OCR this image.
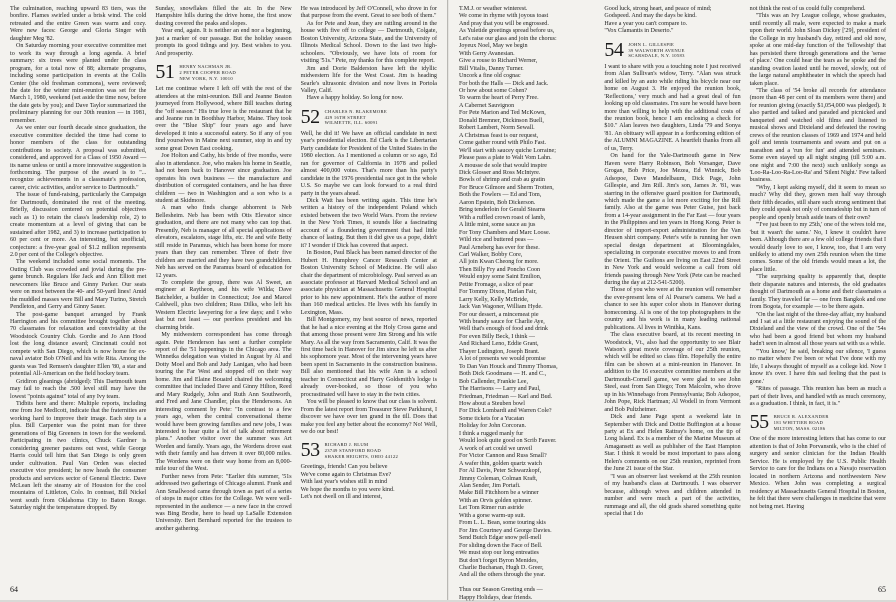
The culmination, reaching upward 83 tiers, was the bonfire. Flames swirled under a brisk wind. The cold retreated and the entire Green was warm and cozy. Were new faces: George and Gloria Singer with daughter Meg '82.

On Saturday morning your executive committee met to work its way through a long agenda. A brief summary: six trees were planted under the class program, for a total now of 88; alternate programs, including some participation in events at the Collis Center (the old freshman commons), were reviewed; the date for the winter mini-reunion was set for the March 1, 1980, weekend (set aside the time now, before the date gets by you); and Dave Taylor summarized the preliminary planning for our 30th reunion — in 1981, remember.

As we enter our fourth decade since graduation, the executive committee decided the time had come to honor members of the class for outstanding contributions to society. A proposal was submitted, considered, and approved for a Class of 1950 Award — its name unless or until a more innovative suggestion is forthcoming. The purpose of the award is to "... recognize achievements in a classmate's profession, career, civic activities, and/or service to Dartmouth."

The issue of fund-raising, particularly the Campaign for Dartmouth, dominated the rest of the meeting. Briefly, discussion centered on potential objectives such as 1) to retain the class's leadership role, 2) to create momentum at a level of giving that can be sustained after 1982, and 3) to increase participation to 60 per cent or more. An interesting, but unofficial, conjecture: a five-year goal of $1.2 million represents 2.0 per cent of the College's objective.

The weekend included some social moments. The Outing Club was crowded and jovial during the pre-game brunch. Regulars like Jack and Ann Elliott met newcomers like Bruce and Ginny Parker. Our seats were on most between the 40- and 50-yard lines! Amid the muddled masses were Bill and Mary Turino, Stretch Pendleton, and Gerry and Ginny Sauer.

The post-game banquet arranged by Frank Harrington and his committee brought together about 70 classmates for relaxation and conviviality at the Woodstock Country Club. Gordie and Jo Ann Hood lost the long distance award; Cincinnati could not compete with San Diego, which is now home for ex-naval aviator Bob O'Neil and his wife Rita. Among the guests was Ted Remsen's daughter Ellen '80, a star and potential All-American on the field hockey team.

Gridiron gleanings (abridged): This Dartmouth team may fail to reach the .500 level still may have the lowest "points against" total of any Ivy team.

Tidbits here and there: Multiple reports, including one from Joe MedIcott, indicate that the fraternities are working hard to improve their image. Each step is a plus. Bill Carpenter was the point man for three generations of Big Greeners in town for the weekend. Participating in two clinics, Chuck Gardner is considering greener pastures out west, while George Harris could tell him that San Diego is only green under cultivation. Paul Van Orden was elected executive vice president; he now heads the consumer products and services sector of General Electric. Dave McLean left the steamy air of Houston for the cool mountains of Littleton, Colo. In contrast, Bill Nickel went south from Oklahoma City to Baton Rouge. Saturday night the temperature dropped. By

Sunday, snowflakes filled the air. In the New Hampshire hills during the drive home, the first snow dusting covered the peaks and slopes.

Year end, again. It is neither an end nor a beginning, just a marker of our passage. But the holiday season prompts its good tidings and joy. Best wishes to you. And prosperity.

51 HENRY NACHMAN JR.
2 PETER COOPER ROAD
NEW YORK, N.Y. 10010

Let me continue where I left off with the rest of the attendees at the mini-reunion. Bill and Jeanne Beaton journeyed from Hollywood, where Bill teaches during the "off season." His true love is the restaurant that he and Jeanne run in Boothbay Harbor, Maine. They took over the "Blue Ship" four years ago and have developed it into a successful eatery. So if any of you find yourselves in Maine next summer, stop in and try some great Down East cooking.

Joe Holton and Cathy, his bride of five months, were also in attendance. Joe, who makes his home in Seattle, had not been back to Hanover since graduation. Joe operates his own business — the manufacture and distribution of corrugated containers, and he has three children — two in Washington and a son who is a student at Skidmore.

A man who finds change abhorrent is Neb Bellesheim. Neb has been with Otis Elevator since graduation, and there are not many who can top that. Presently, Neb is manager of all special applications of elevators, escalators, stage lifts, etc. He and wife Betty still reside in Paramus, which has been home for more years than they can remember. Three of their five children are married and they have two grandchildren. Neb has served on the Paramus board of education for 12 years.

To complete the group, there was Al Sweet, an engineer at Raytheon, and his wife Wilda; Dave Batchelder, a builder in Connecticut; Joe and Marcel Caldwell, plus two children; Russ Dilks, who left his Western Electric lawyering for a few days; and I who last but not least — our peerless president and his charming bride.

My midwestern correspondent has come through again. Pete Henderson has sent a further complete report of the '51 happenings in the Chicago area. The Winnetka delegation was visited in August by Al and Dotty Moel and Bob and Judy Lanigan, who had been touring the Far West and stopped off on their way home. Jim and Elaine Bouaird chaired the welcoming committee that included Dave and Ginny Hilton, Reed and Mary Rudgely, John and Ruth Ann Southworth, and Fred and Jane Chandler, plus the Hendersons. An interesting comment by Pete: "In contrast to a few years ago, when the central conversational theme would have been growing families and new jobs, I was interested to hear quite a lot of talk about retirement plans." Another visitor over the summer was Art Worden and family. Years ago, the Wordens drove east with their family and has driven it over 80,000 miles. The Wordens were on their way home from an 8,000-mile tour of the West.

Further news from Pete: "Earlier this summer, '51s addressed two gatherings of Chicago alumni. Frank and Ann Smallwood came through town as part of a series of stops in major cities for the College. We were well-represented in the audience — a new face in the crowd was Bing Brodie, here to head up LaSalle Extension University. Bert Bernhard reported for the trustees to another gathering.

He was introduced by Jeff O'Connell, who drove in for that purpose from the event. Great to see both of them."

As for Pete and Jean, they are rattling around in the house with five off to college — Dartmouth, Colgate, Boston University, Arizona State, and the University of Illinois Medical School. Down to the last two high-schoolers. "Obviously, we have lots of room for visiting '51s." Pete, my thanks for this complete report.

Jim and Dorie Balderston have left the idyllic midwestern life for the West Coast. Jim is heading Searle's ultrasonic division and now lives in Portola Valley, Calif.

Have a happy holiday. So long for now.

52 CHARLES N. BLAKEMORE
429 16TH STREET
WILMETTE, ILL. 60091

Well, he did it! We have an official candidate in next year's presidential election. Ed Clark is the Libertarian Party candidate for President of the United States in the 1980 election. As I mentioned a column or so ago, Ed ran for governor of California in 1978 and polled almost 400,000 votes. That's more than his party's candidate in the 1976 presidential race got in the whole U.S. So maybe we can look forward to a real third party in the years ahead.

Dick Watt has been writing again. This time he's written a history of the independent Poland which existed between the two World Wars. From the review in the New York Times, it sounds like a fascinating account of a floundering government that had little chance of lasting. But then it did give us a pope, didn't it? I wonder if Dick has covered that aspect.

In Boston, Paul Black has been named director of the Hubert H. Humphrey Cancer Research Center at Boston University School of Medicine. He will also chair the department of microbiology. Paul served as an associate professor at Harvard Medical School and an associate physician at Massachusetts General Hospital prior to his new appointment. He's the author of more than 160 medical articles. He lives with his family in Lexington, Mass.

Bill Montgomery, my best source of news, reported that he had a nice evening at the Holy Cross game and that among those present were Jim Strong and his wife Mary. As all the way from Sacramento, Calif. It was the first time back in Hanover for Jim since he left us after his sophomore year. Most of the intervening years have been spent in Sacramento in the construction business. Bill also mentioned that his wife Ann is a school teacher in Connecticut and Harry Goldsmith's lodge is already over-booked, so those of you who procrastinated will have to stay in the twin cities.

You will be pleased to know that our class is solvent. From the latest report from Treasurer Steve Parkhurst, I discover we have over ten grand in the till. Does that make you feel any better about the economy? No! Well, we do our best!

53 RICHARD J. BLUM
23749 STANFORD ROAD
SHAKER HEIGHTS, OHIO 44122

Greetings, friends! Can you believe

We've come again to Christmas Eve?

With last year's wishes still in mind

We hope the months to you were kind.

Let's not dwell on ill and interest,

64

T.M.J. or weather winterest.

We come in rhyme with joyous toast

And pray that you will be engrossed.

As Yuletide greetings spread before us,

Let's raise our glass and join the chorus:

Joyeux Noel, May we begin

With Gerry Avanesian.

Give a rouse to Richard Werner,

Bill Vitalis, Danny Turner.

Uncork a fine old cognac

For both the Halls — Dick and Jack.

Or how about some Cohen?

To warm the heart of Perry Free.

A Cabernet Sauvignon

For Pete Marion and Ted McKown,

Donald Bremner, Dickinson Buell,

Robert Lambert, Norm Sewall.

A Christmas feast is our request,

Come gather round with Philo Fast.

We'll start with saucey quiche Lorraine;

Please pass a plate to Walt Vom Lahn.

A mousse de sole that would inspire

Dick Glosser and Ross McIntyre.

Bowls of shrimp and crab au gratin

For Bruce Gilmore and Sherm Trotten,

Both the Fowlers — Ed and Tom,

Aaron Epstein, Bob Dickerson.

Bring tenderloin for Gerald Stearns

With a ruffled crown roast of lamb,

A little mint, some sauce au jus

For Tony Chambers and Marc Loose.

Wild rice and buttered peas —

Paul Arneberg has ever for these.

Carl Walker, Bobby Core,

All join Kwan Cheong for more.

Then Billy Fry and Poncho Coon

Would enjoy some Saint Emilion,

Petite Fromage, a slice of pear

For Tommy Dixon, Harlan Fair,

Larry Kelly, Kelly McBride,

Jack Van Wagoner, William Hyde.

For our dessert, a mincemeat pie

With brandy sauce for Charlie Aye,

Well that's enough of food and drink

For even Billy Beck, I think —

And Richard Leno, Eddie Grant,

Thayer Ludington, Joseph Brant.

A lot of presents we would promise

To Dan Van Houck and Timmy Thomas,

Both Dick Goodmans — H. and C.,

Bob Callender, Frankie Lee,

The Harrisons — Larry and Paul,

Friedman, Friedman — Karl and Bud.

How about a Steuben bowl

For Dick Lombardi and Warren Cole?

Some tickets for a Yucatan

Holiday for John Corcoran.

I think a rugged manly fur

Would look quite good on Scrib Fauver.

A work of art could we unveil

For Victor Cannon and Russ Small?

A wafer thin, golden quartz watch

For Al Davis, Peter Schwarzkopf,

Jimmy Coleman, Colman Kraft,

Alan Sender, Jim Portafi.

Make Bill Fitchhorn be a winner

With an Orvis golden spinner.

Let Tom Rimer run astride

With a gorse warm-up suit.

From L. L. Bean, some touring skis

For Jim Courtney and George Davies.

Send Butch Edgar snow pell-mell

For sliding down the Face of Bell.

We must stop our long entreaties

But don't forget Byron Menides,

Charlie Buchanan, Hugh D. Greer,

And all the others through the year.

Thus our Season Greeting ends —

Happy Holidays, dear friends.

Good luck, strong heart, and peace of mind;

Godspeed. And may the days be kind.

Have a year you can't compare to.

"Vox Clamantis in Deserto."

54 JOHN L. GILLESPIE
39 WALWORTH AVENUE
SCARSDALE, N.Y. 10583

I want to share with you a touching note I just received from Alan Sullivan's widow, Terry. "Alan was struck and killed by an auto while riding his bicycle near our home on August 3. He enjoyed the reunion book, 'Reflections,' very much and had a great deal of fun looking up old classmates. I'm sure he would have been more than willing to help with the additional costs of the reunion book, hence I am enclosing a check for $10." Alan leaves two daughters, Linda '79 and Sonya '81. An obituary will appear in a forthcoming edition of the ALUMNI MAGAZINE. A heartfelt thanks from all of us, Terry.

On hand for the Yale-Dartmouth game in New Haven were Harry Robinson, Bob Vorsanger, Dave Grogan, Bob Price, Joe Mezea, Ed Winnick, Bob Adsopoe, Dave Mandelbaum, Dick Page, John Gillespie, and Jim Rill. Jim's son, James Jr. '81, was starring in the offensive guard position for Dartmouth, which made the game a lot more exciting for the Rill family. Also at the game was Peter Guise, just back from a 14-year assignment in the Far East — four years in the Philippines and ten years in Hong Kong. Peter is director of import-export administration for the Van Heusen shirt company. Peter's wife is running her own special design department at Bloomingdales, specializing in corporate executive moves to and from the Orient. The Guiltons are living on East 22nd Street in New York and would welcome a call from old friends passing through New York (Pete can be reached during the day at 212-541-5200).

Those of you who were at the reunion will remember the ever-present lens of Al Pearse's camera. We had a chance to see his super color shots in Hanover during homecoming. Al is one of the top photographers in the country and his work is in many leading national publications. Al lives in Winthka, Kans.

The class executive board, at its recent meeting in Woodstock, Vt., also had the opportunity to see Blair Watson's great movie coverage of our 25th reunion, which will be edited so class film. Hopefully the entire film can be shown at a mini-reunion in Hanover. In addition to the 16 executive committee members at the Dartmouth-Cornell game, we were glad to see John Steel, east from San Diego; Tom Malcolm, who drove up in his Winnebago from Pennsylvania; Bob Adsopoe, John Pope, Rick Hartman; Al Wodell in from Vermont and Bob Pultzheimer.

Dick and Jane Page spent a weekend late in September with Dick and Dottie Buffington at a house party at Ex and Helen Rattray's home, on the tip of Long Island. Ex is a member of the Marine Museum at Amagansett as well as publisher of the East Hampton Star. I think it would be most important to pass along Helen's comments on our 25th reunion, reprinted from the June 21 issue of the Star.

"I was an observer last weekend at the 25th reunion of my husband's class at Dartmouth. I was observer because, although wives and children attended in number and were much a part of the activities, rummage and all, the old grads shared something quite special that I do

not think the rest of us could fully comprehend.

"This was an Ivy League college, whose graduates, until recently all male, were expected to make a mark upon their world. John Sloan Dickey ['29], president of the College in my husband's day, retired and old now, spoke at one mid-day function of the 'fellowship' that has persisted there through generations and the 'sense of place.' One could hear the tears as he spoke and the standing ovation lasted until he moved, slowly, out of the large natural amphitheater in which the speech had taken place.

"The class of '54 broke all records for attendance (more than 48 per cent of its members were there) and for reunion giving (exactly $1,054,000 was pledged). It also partied and talked and paraded and picnicked and banqueted and watched old films and listened to musical shows and Dixieland and defeated the rowing crews of the reunion classes of 1969 and 1974 and held golf and tennis tournaments and swam and put on a marathon and a 'run for fun' and attended seminars. Some even stayed up all night singing (till 5:00 a.m. one night and 7:00 the next) such unlikely songs as 'Loo-Ra-Loo-Ra-Loo-Ra' and 'Silent Night.' Few talked business.

"Why, I kept asking myself, did it seem to mean so much? Why did they, grown men half way through their fifth decades, still share such strong sentiment that they could speak not only of comradeship but in turn of people and openly brush aside tears of their own?

"'I've just been to my 25th,' one of the wives told me, 'but it wasn't the same.' No, I knew it couldn't have been. Although there are a few old college friends that I would dearly love to see, I know, too, that I am very unlikely to attend my own 25th reunion when the time comes. Some of the old friends would mean a lot, the place little.

"The surprising quality is apparently that, despite their disparate natures and interests, the old graduates thought of Dartmouth as a home and their classmates a family. They traveled far — one from Bangkok and one from Bogota, for example — to be there again.

"On the last night of the three-day affair, my husband and I sat at a little restaurant enjoying the sound of the Dixieland and the view of the crowd. One of the '54s who had been a good friend but whom my husband hadn't seen in almost all those years sat with us a while.

"'You know,' he said, breaking our silence, 'I guess no matter where I've been or what I've done with my life, I always thought of myself as a college kid. Now I know it's over. I have this sad feeling that the past is gone.'

"Rites of passage. This reunion has been as much a part of their lives, and handled with as much ceremony, as a graduation. I think, in fact, it is."

55 BRUCE R. ALEXANDER
181 WHITTIER ROAD
MILTON, MASS. 02186

One of the more interesting letters that has come to our attention is that of John Porvansnik, who is the chief of surgery and senior clinician for the Indian Health Service. He is employed by the U.S. Public Health Service to care for the Indians on a Navajo reservation located in northern Arizona and northwestern New Mexico. When John was completing a surgical residency at Massachusetts General Hospital in Boston, he felt that there were challenges in medicine that were not being met. Having

65
